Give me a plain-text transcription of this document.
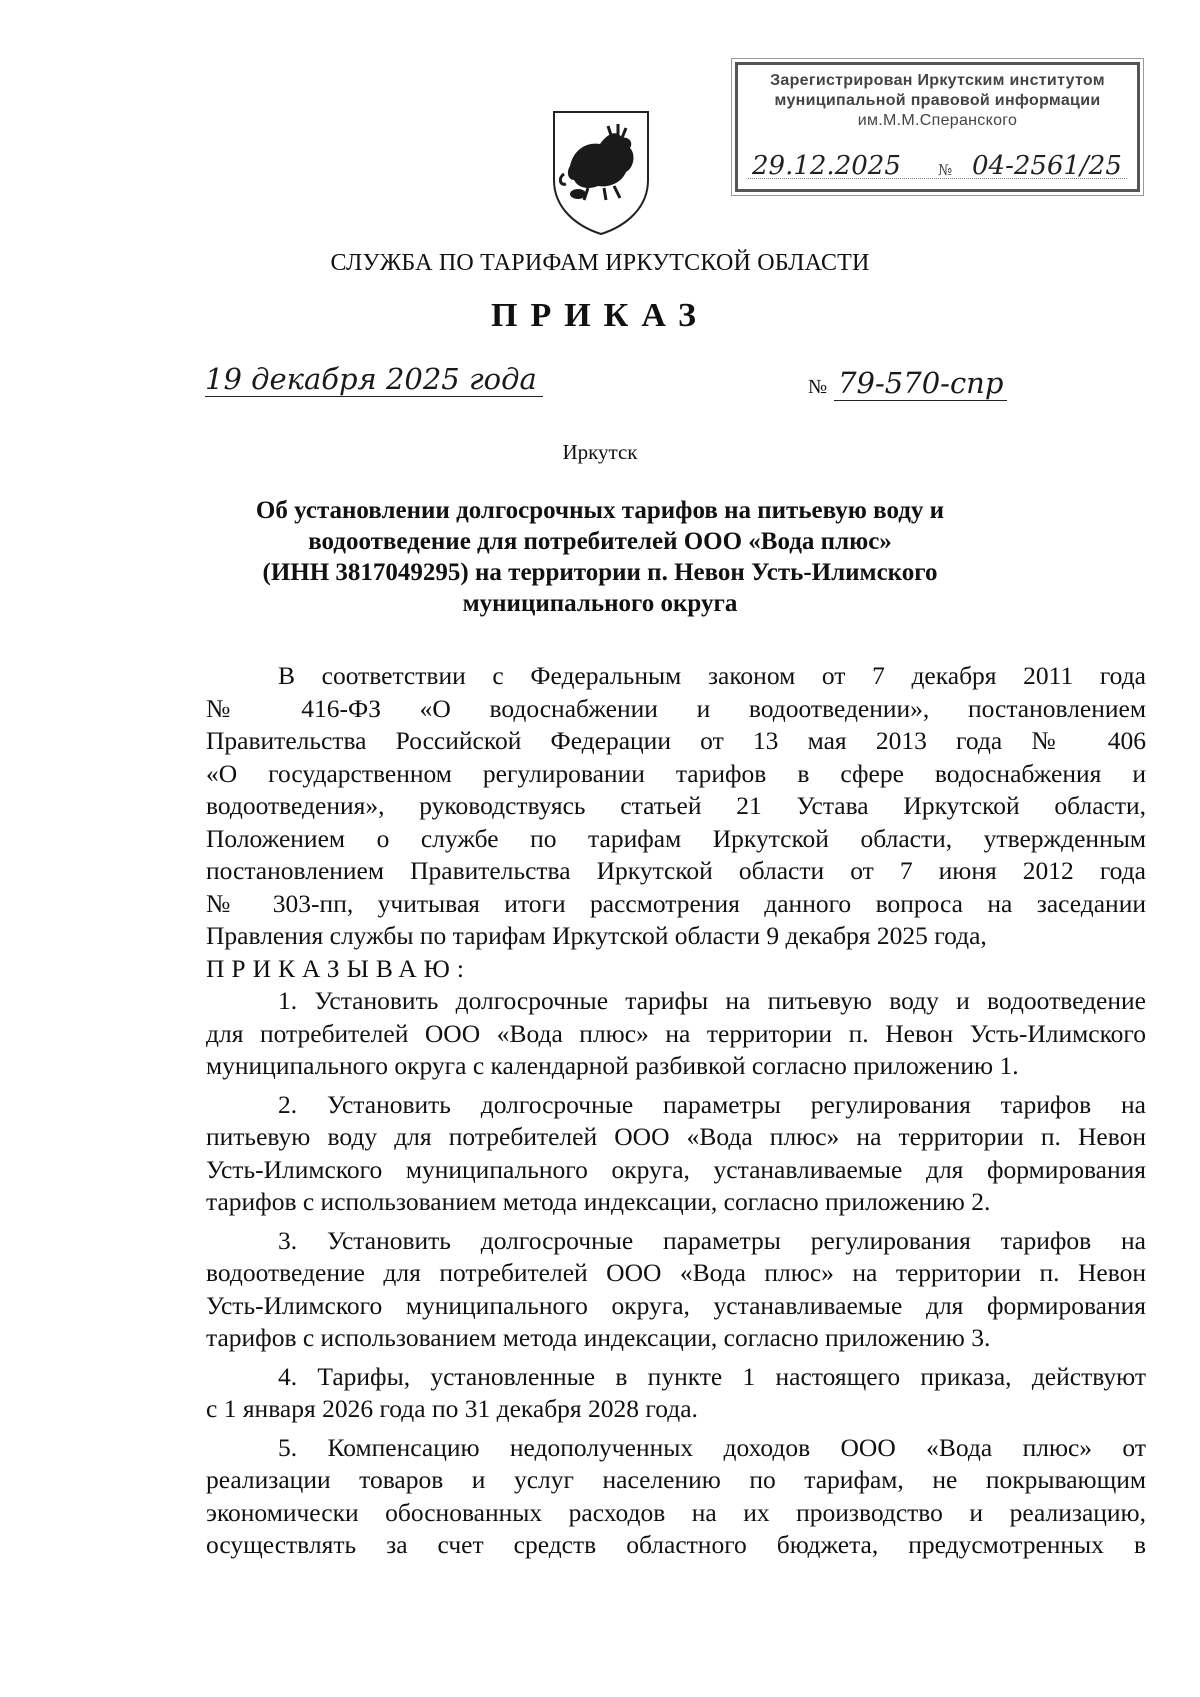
Зарегистрирован Иркутским институтом
муниципальной правовой информации
им.М.М.Сперанского
29.12.2025 № 04-2561/25
СЛУЖБА ПО ТАРИФАМ ИРКУТСКОЙ ОБЛАСТИ
ПРИКАЗ
19 декабря 2025 года	№ 79-570-спр
Иркутск
Об установлении долгосрочных тарифов на питьевую воду и
водоотведение для потребителей ООО «Вода плюс»
(ИНН 3817049295) на территории п. Невон Усть-Илимского
муниципального округа

В соответствии с Федеральным законом от 7 декабря 2011 года
№ 416-ФЗ «О водоснабжении и водоотведении», постановлением
Правительства Российской Федерации от 13 мая 2013 года № 406
«О государственном регулировании тарифов в сфере водоснабжения и
водоотведения», руководствуясь статьей 21 Устава Иркутской области,
Положением о службе по тарифам Иркутской области, утвержденным
постановлением Правительства Иркутской области от 7 июня 2012 года
№ 303-пп, учитывая итоги рассмотрения данного вопроса на заседании
Правления службы по тарифам Иркутской области 9 декабря 2025 года,

ПРИКАЗЫВАЮ:

1. Установить долгосрочные тарифы на питьевую воду и водоотведение
для потребителей ООО «Вода плюс» на территории п. Невон Усть-Илимского
муниципального округа с календарной разбивкой согласно приложению 1.

2. Установить долгосрочные параметры регулирования тарифов на
питьевую воду для потребителей ООО «Вода плюс» на территории п. Невон
Усть-Илимского муниципального округа, устанавливаемые для формирования
тарифов с использованием метода индексации, согласно приложению 2.

3. Установить долгосрочные параметры регулирования тарифов на
водоотведение для потребителей ООО «Вода плюс» на территории п. Невон
Усть-Илимского муниципального округа, устанавливаемые для формирования
тарифов с использованием метода индексации, согласно приложению 3.

4. Тарифы, установленные в пункте 1 настоящего приказа, действуют
с 1 января 2026 года по 31 декабря 2028 года.

5. Компенсацию недополученных доходов ООО «Вода плюс» от
реализации товаров и услуг населению по тарифам, не покрывающим
экономически обоснованных расходов на их производство и реализацию,
осуществлять за счет средств областного бюджета, предусмотренных в
